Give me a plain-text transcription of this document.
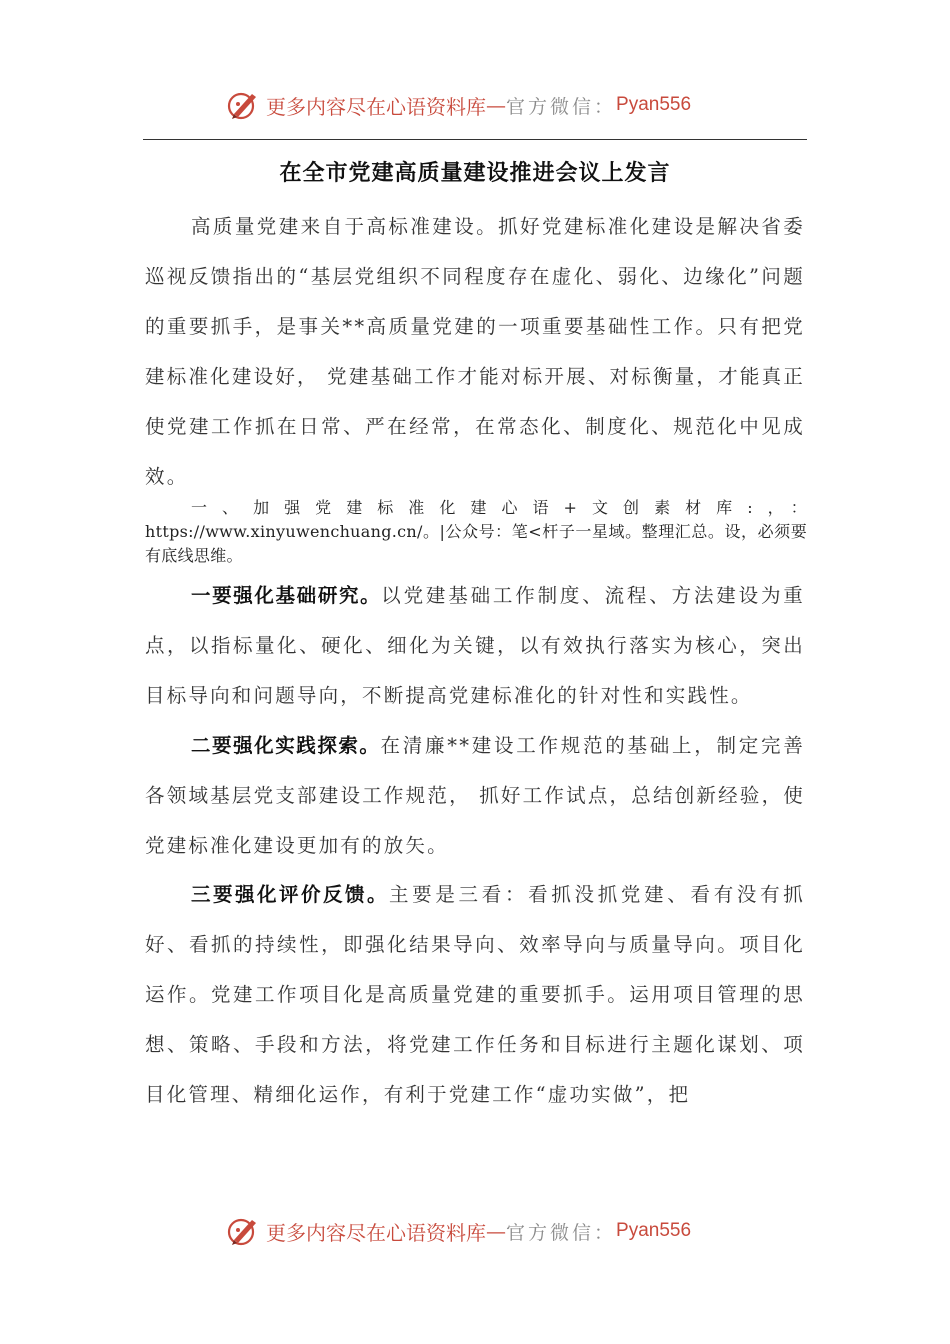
更多内容尽在心语资料库 — 官方微信： Pyan556
在全市党建高质量建设推进会议上发言
高质量党建来自于高标准建设。抓好党建标准化建设是解决省委巡视反馈指出的“基层党组织不同程度存在虚化、弱化、边缘化”问题的重要抓手，是事关**高质量党建的一项重要基础性工作。只有把党建标准化建设好， 党建基础工作才能对标开展、对标衡量，才能真正使党建工作抓在日常、严在经常，在常态化、制度化、规范化中见成效。
一、加强党建标准化建心语+文创素材库:，：https://www.xinyuwenchuang.cn/。|公众号：笔<杆子一星域。整理汇总。设，必须要有底线思维。
一要强化基础研究。以党建基础工作制度、流程、方法建设为重点，以指标量化、硬化、细化为关键，以有效执行落实为核心，突出目标导向和问题导向，不断提高党建标准化的针对性和实践性。
二要强化实践探索。在清廉**建设工作规范的基础上，制定完善各领域基层党支部建设工作规范， 抓好工作试点，总结创新经验，使党建标准化建设更加有的放矢。
三要强化评价反馈。主要是三看：看抓没抓党建、看有没有抓好、看抓的持续性，即强化结果导向、效率导向与质量导向。项目化运作。党建工作项目化是高质量党建的重要抓手。运用项目管理的思想、策略、手段和方法，将党建工作任务和目标进行主题化谋划、项目化管理、精细化运作，有利于党建工作“虚功实做”，把
更多内容尽在心语资料库 — 官方微信： Pyan556
